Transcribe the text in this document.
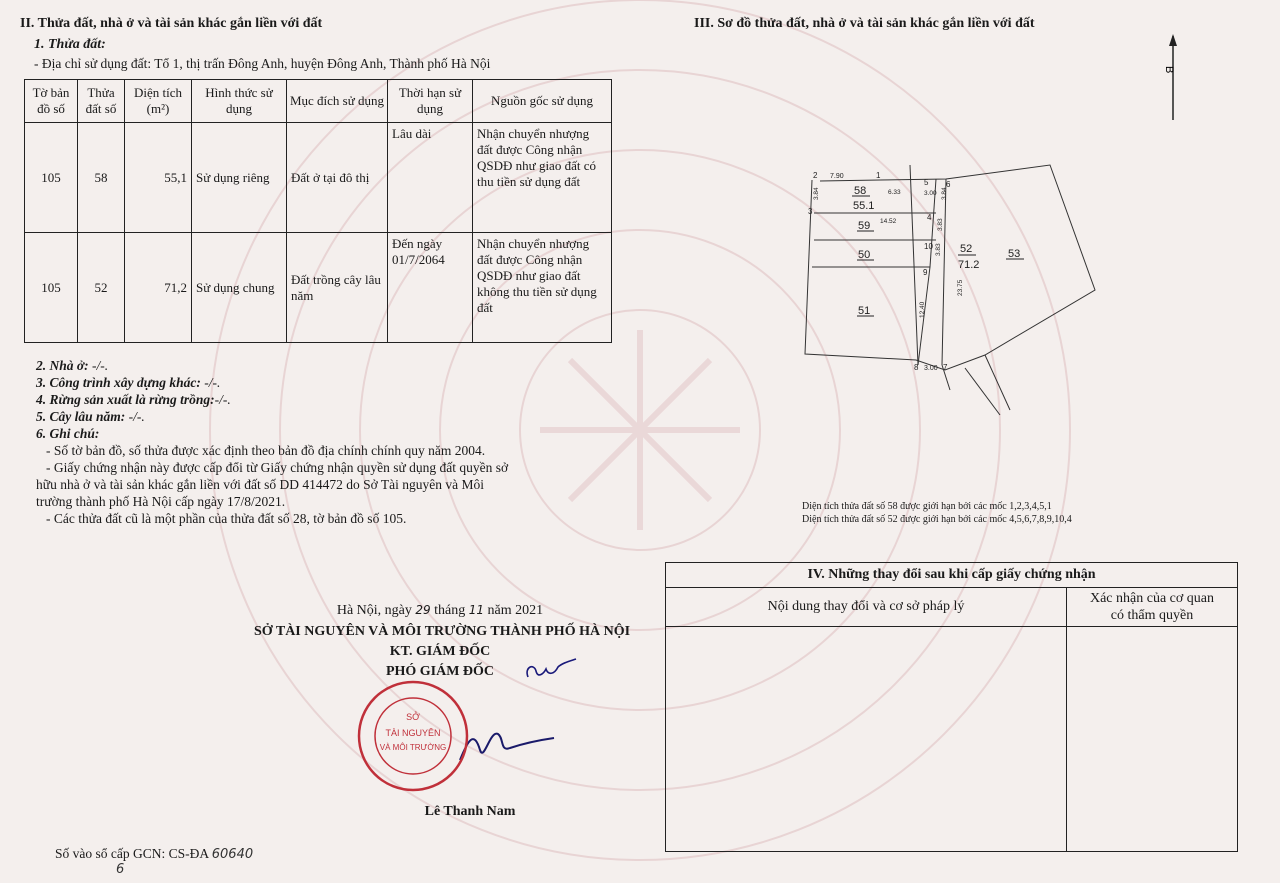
II. Thửa đất, nhà ở và tài sản khác gắn liền với đất
1. Thửa đất:
- Địa chỉ sử dụng đất: Tổ 1, thị trấn Đông Anh, huyện Đông Anh, Thành phố Hà Nội
Tờ bản đồ số	Thửa đất số	Diện tích (m²)	Hình thức sử dụng	Mục đích sử dụng	Thời hạn sử dụng	Nguồn gốc sử dụng
105	58	55,1	Sử dụng riêng	Đất ở tại đô thị	Lâu dài	Nhận chuyển nhượng đất được Công nhận QSDĐ như giao đất có thu tiền sử dụng đất
105	52	71,2	Sử dụng chung	Đất trồng cây lâu năm	Đến ngày 01/7/2064	Nhận chuyển nhượng đất được Công nhận QSDĐ như giao đất không thu tiền sử dụng đất
2. Nhà ở: -/-.
3. Công trình xây dựng khác: -/-.
4. Rừng sản xuất là rừng trồng:-/-.
5. Cây lâu năm: -/-.
6. Ghi chú:
- Số tờ bản đồ, số thửa được xác định theo bản đồ địa chính chính quy năm 2004.
- Giấy chứng nhận này được cấp đổi từ Giấy chứng nhận quyền sử dụng đất quyền sở
hữu nhà ở và tài sản khác gắn liền với đất số DD 414472 do Sở Tài nguyên và Môi
trường thành phố Hà Nội cấp ngày 17/8/2021.
- Các thửa đất cũ là một phần của thửa đất số 28, tờ bản đồ số 105.
III. Sơ đồ thửa đất, nhà ở và tài sản khác gắn liền với đất
B
58
55.1
59
50
51
52
71.2
53
1
2
3
4
5 6
7
8
9
10
7.90
6.33	3.00
3.84	3.84
14.52	3.83
3.83
12.40
23.75
3.00
Diện tích thửa đất số 58 được giới hạn bởi các mốc 1,2,3,4,5,1
Diện tích thửa đất số 52 được giới hạn bởi các mốc 4,5,6,7,8,9,10,4
IV. Những thay đổi sau khi cấp giấy chứng nhận
Nội dung thay đổi và cơ sở pháp lý
Xác nhận của cơ quan
có thẩm quyền
Hà Nội, ngày 29 tháng 11 năm 2021
SỞ TÀI NGUYÊN VÀ MÔI TRƯỜNG THÀNH PHỐ HÀ NỘI
KT. GIÁM ĐỐC
PHÓ GIÁM ĐỐC
SỞ
TÀI NGUYÊN
VÀ MÔI TRƯỜNG
Lê Thanh Nam
Số vào sổ cấp GCN: CS-ĐA 60640
6
